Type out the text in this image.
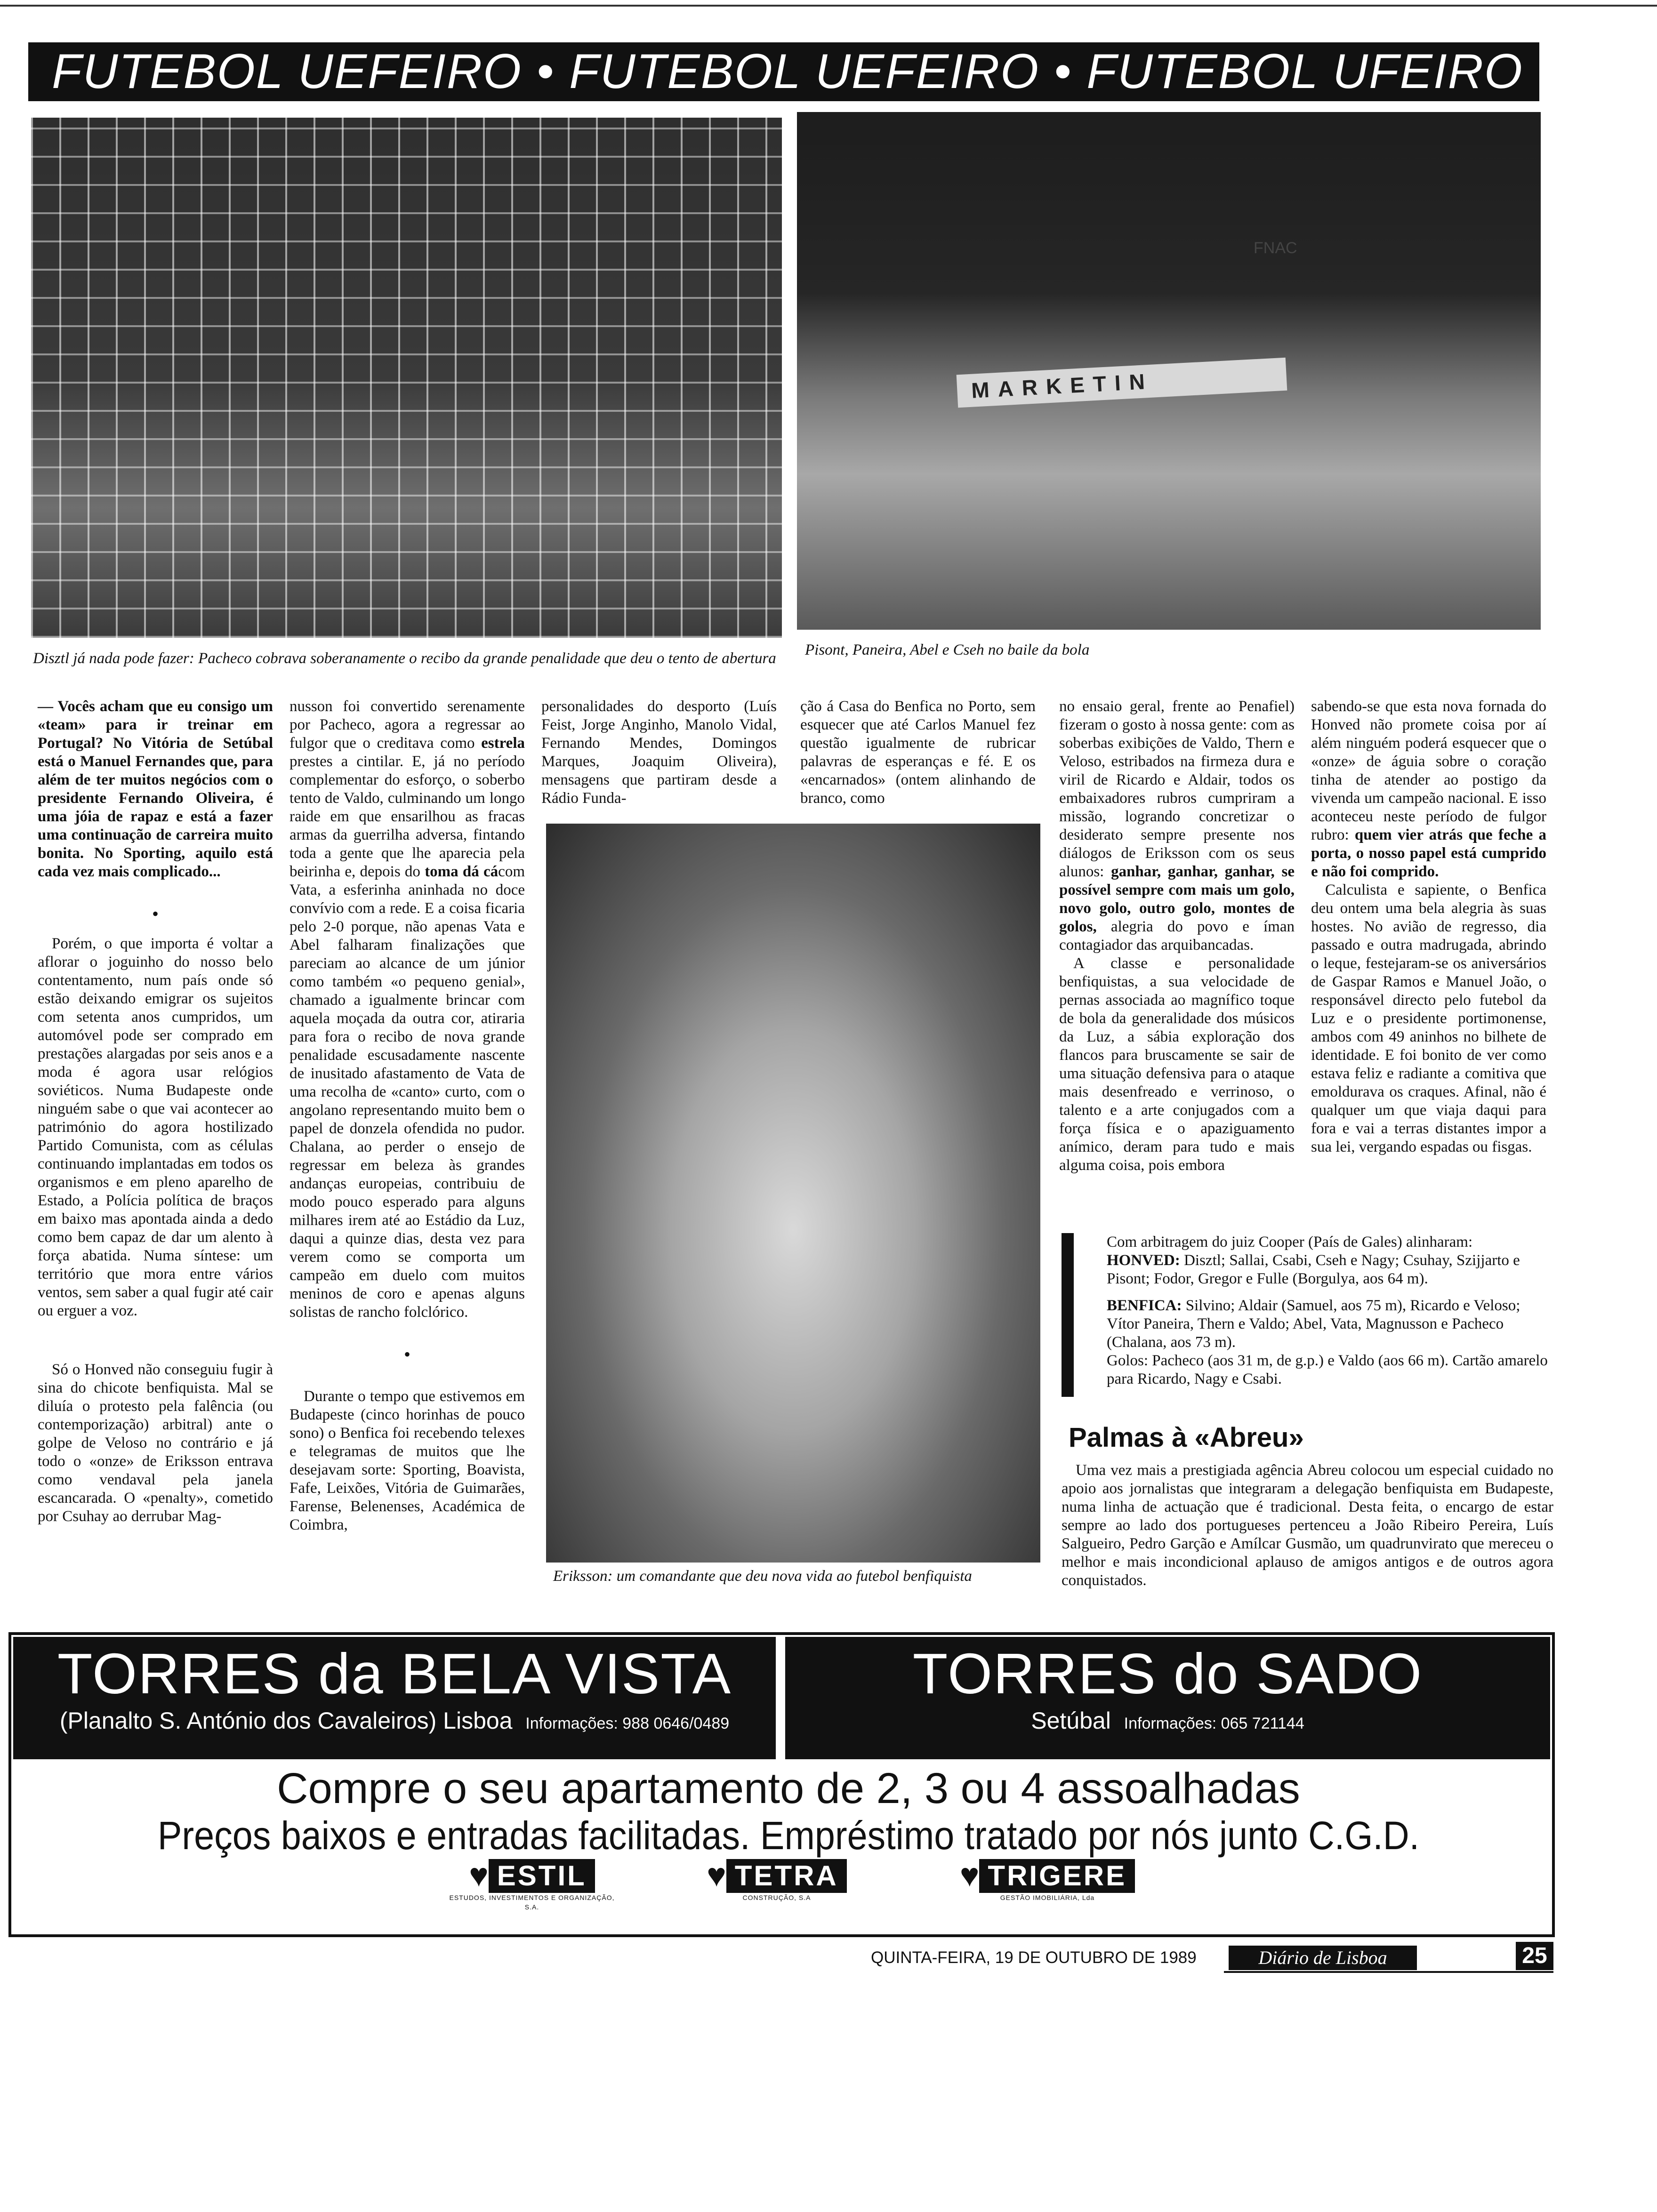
FUTEBOL UEFEIRO • FUTEBOL UEFEIRO • FUTEBOL UFEIRO
MARKETIN
FNAC
Disztl já nada pode fazer: Pacheco cobrava soberanamente o recibo da grande penalidade que deu o tento de abertura	Pisont, Paneira, Abel e Cseh no baile da bola

— Vocês acham que eu consigo um «team» para ir treinar em Portugal? No Vitória de Setúbal está o Manuel Fernandes que, para além de ter muitos negócios com o presidente Fernando Oliveira, é uma jóia de rapaz e está a fazer uma continuação de carreira muito bonita. No Sporting, aquilo está cada vez mais complicado...

•

Porém, o que importa é voltar a aflorar o joguinho do nosso belo contentamento, num país onde só estão deixando emigrar os sujeitos com setenta anos cumpridos, um automóvel pode ser comprado em prestações alargadas por seis anos e a moda é agora usar relógios soviéticos. Numa Budapeste onde ninguém sabe o que vai acontecer ao património do agora hostilizado Partido Comunista, com as células continuando implantadas em todos os organismos e em pleno aparelho de Estado, a Polícia política de braços em baixo mas apontada ainda a dedo como bem capaz de dar um alento à força abatida. Numa síntese: um território que mora entre vários ventos, sem saber a qual fugir até cair ou erguer a voz.

Só o Honved não conseguiu fugir à sina do chicote benfiquista. Mal se diluía o protesto pela falência (ou contemporização) arbitral) ante o golpe de Veloso no contrário e já todo o «onze» de Eriksson entrava como vendaval pela janela escancarada. O «penalty», cometido por Csuhay ao derrubar Mag-

nusson foi convertido serenamente por Pacheco, agora a regressar ao fulgor que o creditava como estrela prestes a cintilar. E, já no período complementar do esforço, o soberbo tento de Valdo, culminando um longo raide em que ensarilhou as fracas armas da guerrilha adversa, fintando toda a gente que lhe aparecia pela beirinha e, depois do toma dá cácom Vata, a esferinha aninhada no doce convívio com a rede. E a coisa ficaria pelo 2-0 porque, não apenas Vata e Abel falharam finalizações que pareciam ao alcance de um júnior como também «o pequeno genial», chamado a igualmente brincar com aquela moçada da outra cor, atiraria para fora o recibo de nova grande penalidade escusadamente nascente de inusitado afastamento de Vata de uma recolha de «canto» curto, com o angolano representando muito bem o papel de donzela ofendida no pudor. Chalana, ao perder o ensejo de regressar em beleza às grandes andanças europeias, contribuiu de modo pouco esperado para alguns milhares irem até ao Estádio da Luz, daqui a quinze dias, desta vez para verem como se comporta um campeão em duelo com muitos meninos de coro e apenas alguns solistas de rancho folclórico.

•

Durante o tempo que estivemos em Budapeste (cinco horinhas de pouco sono) o Benfica foi recebendo telexes e telegramas de muitos que lhe desejavam sorte: Sporting, Boavista, Fafe, Leixões, Vitória de Guimarães, Farense, Belenenses, Académica de Coimbra,

personalidades do desporto (Luís Feist, Jorge Anginho, Manolo Vidal, Fernando Mendes, Domingos Marques, Joaquim Oliveira), mensagens que partiram desde a Rádio Funda-

ção á Casa do Benfica no Porto, sem esquecer que até Carlos Manuel fez questão igualmente de rubricar palavras de esperanças e fé. E os «encarnados» (ontem alinhando de branco, como

Eriksson: um comandante que deu nova vida ao futebol benfiquista

no ensaio geral, frente ao Penafiel) fizeram o gosto à nossa gente: com as soberbas exibições de Valdo, Thern e Veloso, estribados na firmeza dura e viril de Ricardo e Aldair, todos os embaixadores rubros cumpriram a missão, logrando concretizar o desiderato sempre presente nos diálogos de Eriksson com os seus alunos: ganhar, ganhar, ganhar, se possível sempre com mais um golo, novo golo, outro golo, montes de golos, alegria do povo e íman contagiador das arquibancadas.

A classe e personalidade benfiquistas, a sua velocidade de pernas associada ao magnífico toque de bola da generalidade dos músicos da Luz, a sábia exploração dos flancos para bruscamente se sair de uma situação defensiva para o ataque mais desenfreado e verrinoso, o talento e a arte conjugados com a força física e o apaziguamento anímico, deram para tudo e mais alguma coisa, pois embora

sabendo-se que esta nova fornada do Honved não promete coisa por aí além ninguém poderá esquecer que o «onze» de águia sobre o coração tinha de atender ao postigo da vivenda um campeão nacional. E isso aconteceu neste período de fulgor rubro: quem vier atrás que feche a porta, o nosso papel está cumprido e não foi comprido.

Calculista e sapiente, o Benfica deu ontem uma bela alegria às suas hostes. No avião de regresso, dia passado e outra madrugada, abrindo o leque, festejaram-se os aniversários de Gaspar Ramos e Manuel João, o responsável directo pelo futebol da Luz e o presidente portimonense, ambos com 49 aninhos no bilhete de identidade. E foi bonito de ver como estava feliz e radiante a comitiva que emoldurava os craques. Afinal, não é qualquer um que viaja daqui para fora e vai a terras distantes impor a sua lei, vergando espadas ou fisgas.

Com arbitragem do juiz Cooper (País de Gales) alinharam:

HONVED: Disztl; Sallai, Csabi, Cseh e Nagy; Csuhay, Szijjarto e Pisont; Fodor, Gregor e Fulle (Borgulya, aos 64 m).

BENFICA: Silvino; Aldair (Samuel, aos 75 m), Ricardo e Veloso; Vítor Paneira, Thern e Valdo; Abel, Vata, Magnusson e Pacheco (Chalana, aos 73 m).

Golos: Pacheco (aos 31 m, de g.p.) e Valdo (aos 66 m). Cartão amarelo para Ricardo, Nagy e Csabi.

Palmas à «Abreu»

Uma vez mais a prestigiada agência Abreu colocou um especial cuidado no apoio aos jornalistas que integraram a delegação benfiquista em Budapeste, numa linha de actuação que é tradicional. Desta feita, o encargo de estar sempre ao lado dos portugueses pertenceu a João Ribeiro Pereira, Luís Salgueiro, Pedro Garção e Amílcar Gusmão, um quadrunvirato que mereceu o melhor e mais incondicional aplauso de amigos antigos e de outros agora conquistados.

TORRES da BELA VISTA
(Planalto S. António dos Cavaleiros) Lisboa Informações: 988 0646/0489
TORRES do SADO
Setúbal Informações: 065 721144
Compre o seu apartamento de 2, 3 ou 4 assoalhadas
Preços baixos e entradas facilitadas. Empréstimo tratado por nós junto C.G.D.
♥ ESTIL
ESTUDOS, INVESTIMENTOS E ORGANIZAÇÃO, S.A.
♥ TETRA
CONSTRUÇÃO, S.A
♥ TRIGERE
GESTÃO IMOBILIÁRIA, Lda
QUINTA-FEIRA, 19 DE OUTUBRO DE 1989	Diário de Lisboa	25
